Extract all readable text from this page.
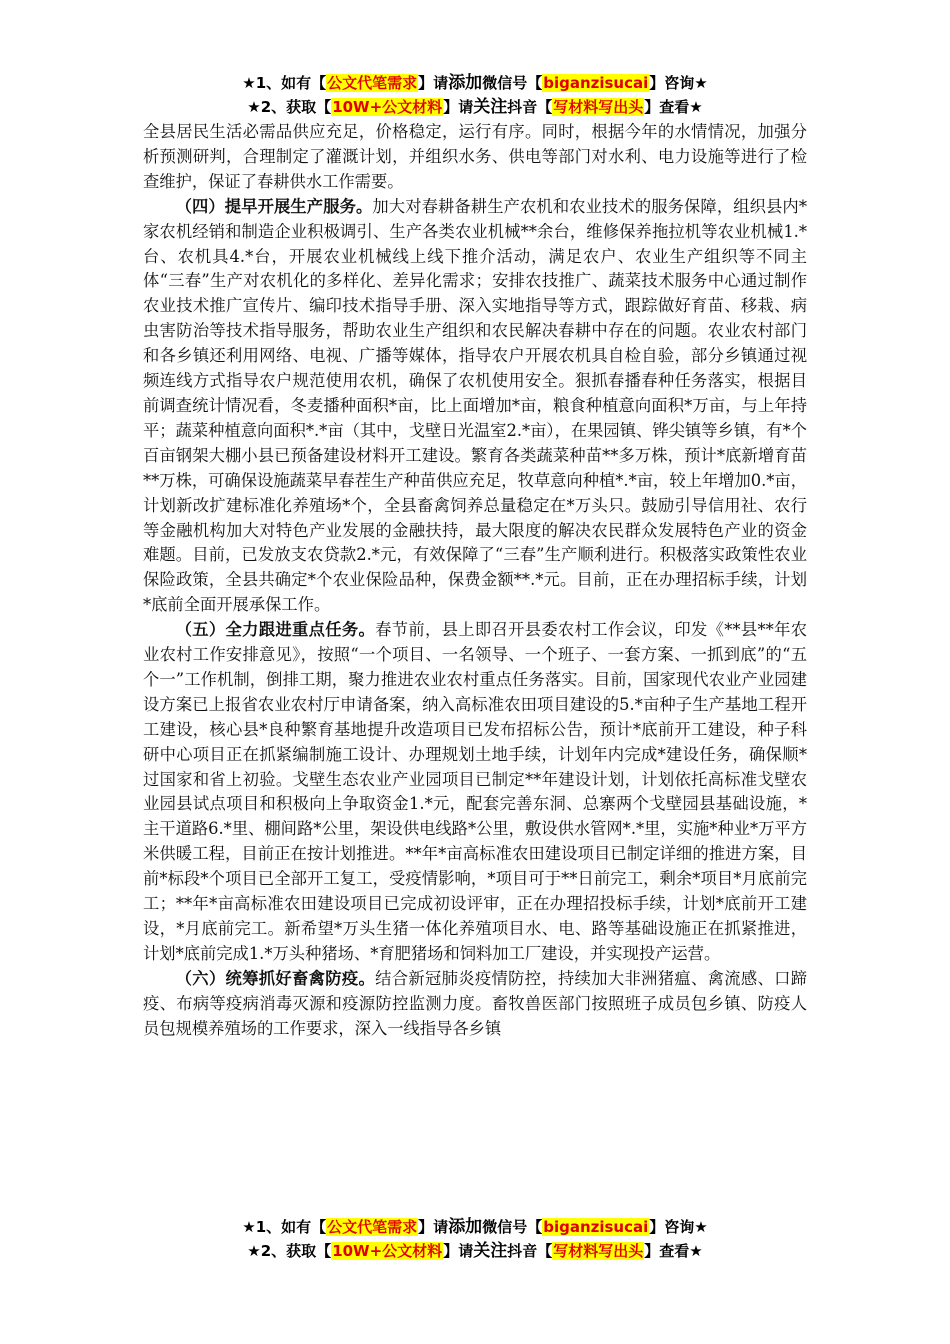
★1、如有【公文代笔需求】请添加微信号【biganzisucai】咨询★
★2、获取【10W+公文材料】请关注抖音【写材料写出头】查看★

全县居民生活必需品供应充足，价格稳定，运行有序。同时，根据今年的水情情况，加强分析预测研判，合理制定了灌溉计划，并组织水务、供电等部门对水利、电力设施等进行了检查维护，保证了春耕供水工作需要。

（四）提早开展生产服务。加大对春耕备耕生产农机和农业技术的服务保障，组织县内*家农机经销和制造企业积极调引、生产各类农业机械**余台，维修保养拖拉机等农业机械1.*台、农机具4.*台，开展农业机械线上线下推介活动，满足农户、农业生产组织等不同主体“三春”生产对农机化的多样化、差异化需求；安排农技推广、蔬菜技术服务中心通过制作农业技术推广宣传片、编印技术指导手册、深入实地指导等方式，跟踪做好育苗、移栽、病虫害防治等技术指导服务，帮助农业生产组织和农民解决春耕中存在的问题。农业农村部门和各乡镇还利用网络、电视、广播等媒体，指导农户开展农机具自检自验，部分乡镇通过视频连线方式指导农户规范使用农机，确保了农机使用安全。狠抓春播春种任务落实，根据目前调查统计情况看，冬麦播种面积*亩，比上面增加*亩，粮食种植意向面积*万亩，与上年持平；蔬菜种植意向面积*.*亩（其中，戈壁日光温室2.*亩），在果园镇、铧尖镇等乡镇，有*个百亩钢架大棚小县已预备建设材料开工建设。繁育各类蔬菜种苗**多万株，预计*底新增育苗**万株，可确保设施蔬菜早春茬生产种苗供应充足，牧草意向种植*.*亩，较上年增加0.*亩，计划新改扩建标准化养殖场*个，全县畜禽饲养总量稳定在*万头只。鼓励引导信用社、农行等金融机构加大对特色产业发展的金融扶持，最大限度的解决农民群众发展特色产业的资金难题。目前，已发放支农贷款2.*元，有效保障了“三春”生产顺利进行。积极落实政策性农业保险政策，全县共确定*个农业保险品种，保费金额**.*元。目前，正在办理招标手续，计划*底前全面开展承保工作。

（五）全力跟进重点任务。春节前，县上即召开县委农村工作会议，印发《**县**年农业农村工作安排意见》，按照“一个项目、一名领导、一个班子、一套方案、一抓到底”的“五个一”工作机制，倒排工期，聚力推进农业农村重点任务落实。目前，国家现代农业产业园建设方案已上报省农业农村厅申请备案，纳入高标准农田项目建设的5.*亩种子生产基地工程开工建设，核心县*良种繁育基地提升改造项目已发布招标公告，预计*底前开工建设，种子科研中心项目正在抓紧编制施工设计、办理规划土地手续，计划年内完成*建设任务，确保顺*过国家和省上初验。戈壁生态农业产业园项目已制定**年建设计划，计划依托高标准戈壁农业园县试点项目和积极向上争取资金1.*元，配套完善东洞、总寨两个戈壁园县基础设施，*主干道路6.*里、棚间路*公里，架设供电线路*公里，敷设供水管网*.*里，实施*种业*万平方米供暖工程，目前正在按计划推进。**年*亩高标准农田建设项目已制定详细的推进方案，目前*标段*个项目已全部开工复工，受疫情影响，*项目可于**日前完工，剩余*项目*月底前完工；**年*亩高标准农田建设项目已完成初设评审，正在办理招投标手续，计划*底前开工建设，*月底前完工。新希望*万头生猪一体化养殖项目水、电、路等基础设施正在抓紧推进，计划*底前完成1.*万头种猪场、*育肥猪场和饲料加工厂建设，并实现投产运营。

（六）统筹抓好畜禽防疫。结合新冠肺炎疫情防控，持续加大非洲猪瘟、禽流感、口蹄疫、布病等疫病消毒灭源和疫源防控监测力度。畜牧兽医部门按照班子成员包乡镇、防疫人员包规模养殖场的工作要求，深入一线指导各乡镇

★1、如有【公文代笔需求】请添加微信号【biganzisucai】咨询★
★2、获取【10W+公文材料】请关注抖音【写材料写出头】查看★
